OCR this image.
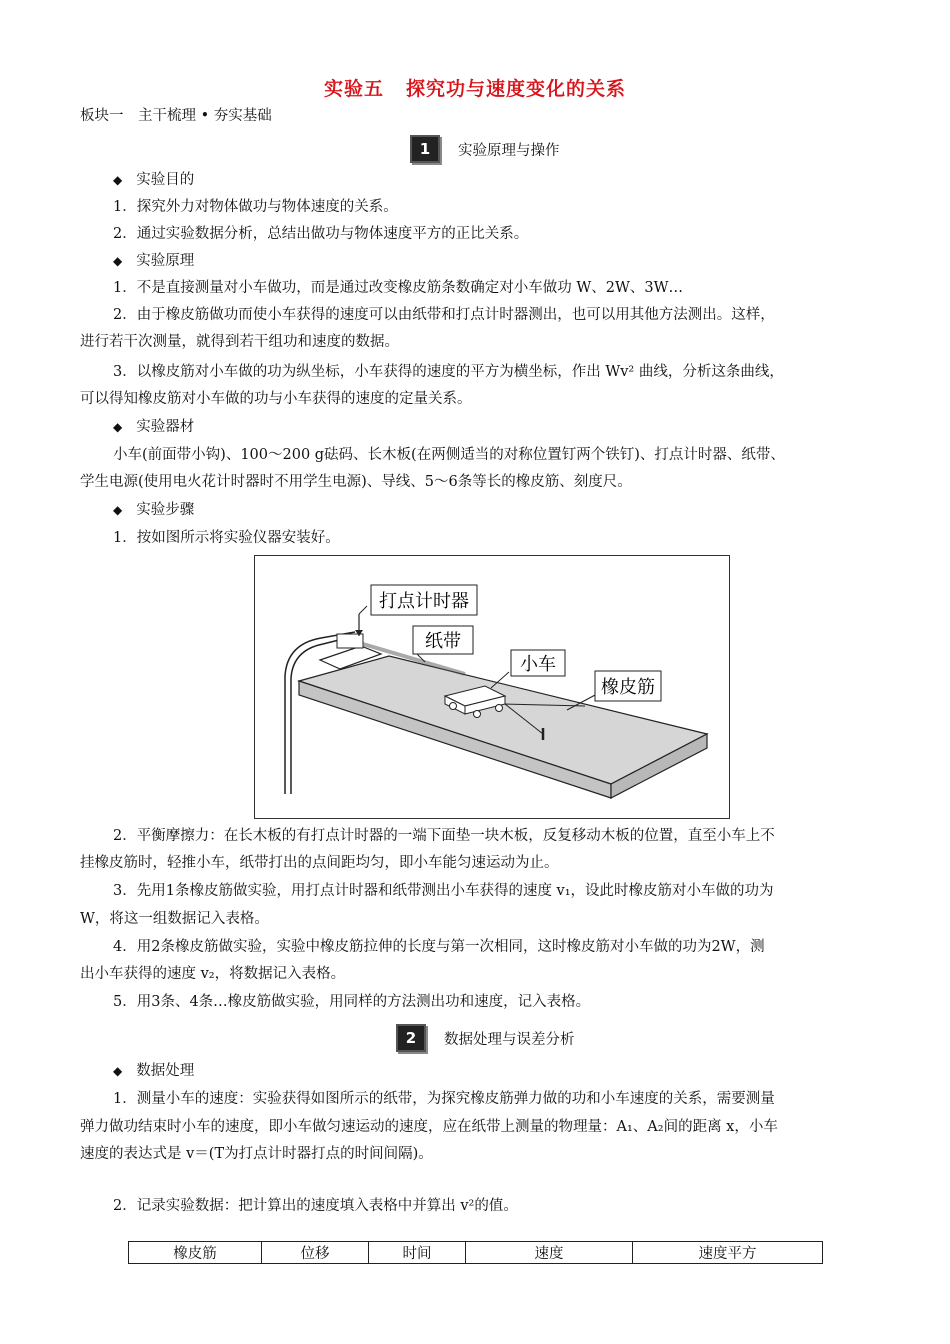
实验五 探究功与速度变化的关系
板块一　主干梳理 • 夯实基础
1 实验原理与操作
◆ 实验目的
1．探究外力对物体做功与物体速度的关系。
2．通过实验数据分析，总结出做功与物体速度平方的正比关系。
◆ 实验原理
1．不是直接测量对小车做功，而是通过改变橡皮筋条数确定对小车做功 W、2W、3W…
2．由于橡皮筋做功而使小车获得的速度可以由纸带和打点计时器测出，也可以用其他方法测出。这样，
进行若干次测量，就得到若干组功和速度的数据。
3．以橡皮筋对小车做的功为纵坐标，小车获得的速度的平方为横坐标，作出 Wv² 曲线，分析这条曲线，
可以得知橡皮筋对小车做的功与小车获得的速度的定量关系。
◆ 实验器材
小车(前面带小钩)、100～200 g砝码、长木板(在两侧适当的对称位置钉两个铁钉)、打点计时器、纸带、
学生电源(使用电火花计时器时不用学生电源)、导线、5～6条等长的橡皮筋、刻度尺。
◆ 实验步骤
1．按如图所示将实验仪器安装好。
打点计时器
纸带
小车
橡皮筋
2．平衡摩擦力：在长木板的有打点计时器的一端下面垫一块木板，反复移动木板的位置，直至小车上不
挂橡皮筋时，轻推小车，纸带打出的点间距均匀，即小车能匀速运动为止。
3．先用1条橡皮筋做实验，用打点计时器和纸带测出小车获得的速度 v₁，设此时橡皮筋对小车做的功为
W，将这一组数据记入表格。
4．用2条橡皮筋做实验，实验中橡皮筋拉伸的长度与第一次相同，这时橡皮筋对小车做的功为2W，测
出小车获得的速度 v₂，将数据记入表格。
5．用3条、4条…橡皮筋做实验，用同样的方法测出功和速度，记入表格。
2 数据处理与误差分析
◆ 数据处理
1．测量小车的速度：实验获得如图所示的纸带，为探究橡皮筋弹力做的功和小车速度的关系，需要测量
弹力做功结束时小车的速度，即小车做匀速运动的速度，应在纸带上测量的物理量：A₁、A₂间的距离 x，小车
速度的表达式是 v＝(T为打点计时器打点的时间间隔)。
2．记录实验数据：把计算出的速度填入表格中并算出 v²的值。
橡皮筋	位移	时间	速度	速度平方
